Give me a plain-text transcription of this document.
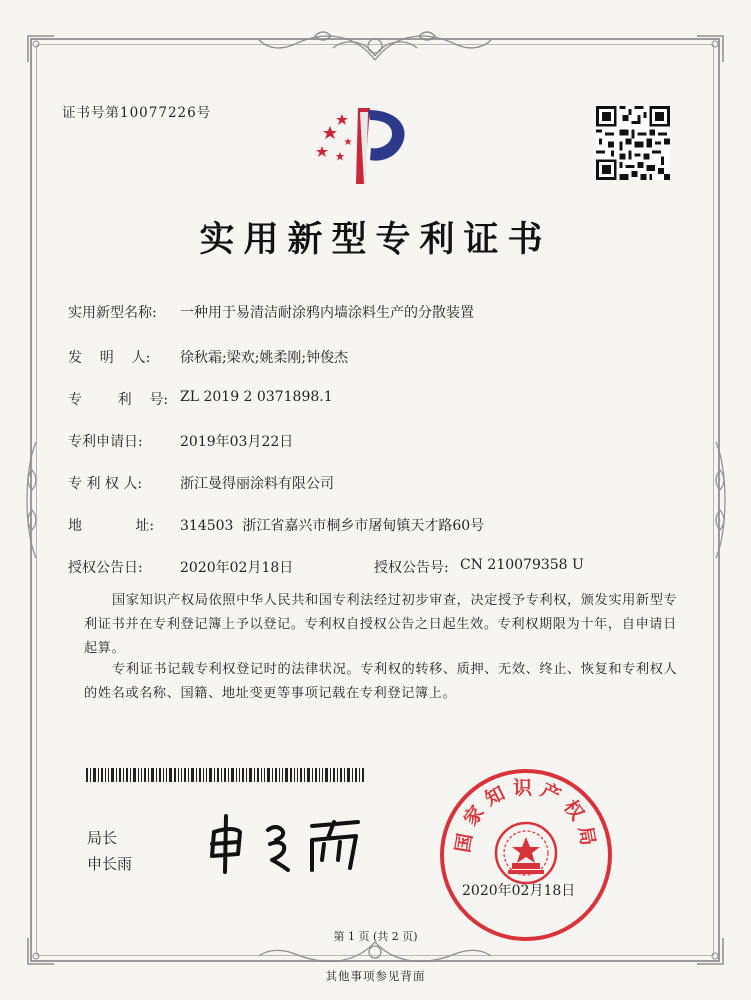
证书号第10077226号
实用新型专利证书
实用新型名称: 一种用于易清洁耐涂鸦内墙涂料生产的分散装置
发    明    人: 徐秋霜;梁欢;姚柔刚;钟俊杰
专        利    号: ZL 2019 2 0371898.1
专利申请日:	2019年03月22日
专 利 权 人:	浙江曼得丽涂料有限公司
地            址: 314503  浙江省嘉兴市桐乡市屠甸镇天才路60号
授权公告日:	2020年02月18日	授权公告号: CN 210079358 U
国家知识产权局依照中华人民共和国专利法经过初步审查，决定授予专利权，颁发实用新型专利证书并在专利登记簿上予以登记。专利权自授权公告之日起生效。专利权期限为十年，自申请日起算。
专利证书记载专利权登记时的法律状况。专利权的转移、质押、无效、终止、恢复和专利权人的姓名或名称、国籍、地址变更等事项记载在专利登记簿上。
局长
申长雨
国家知识产权局
2020年02月18日
第 1 页 (共 2 页)
其他事项参见背面
